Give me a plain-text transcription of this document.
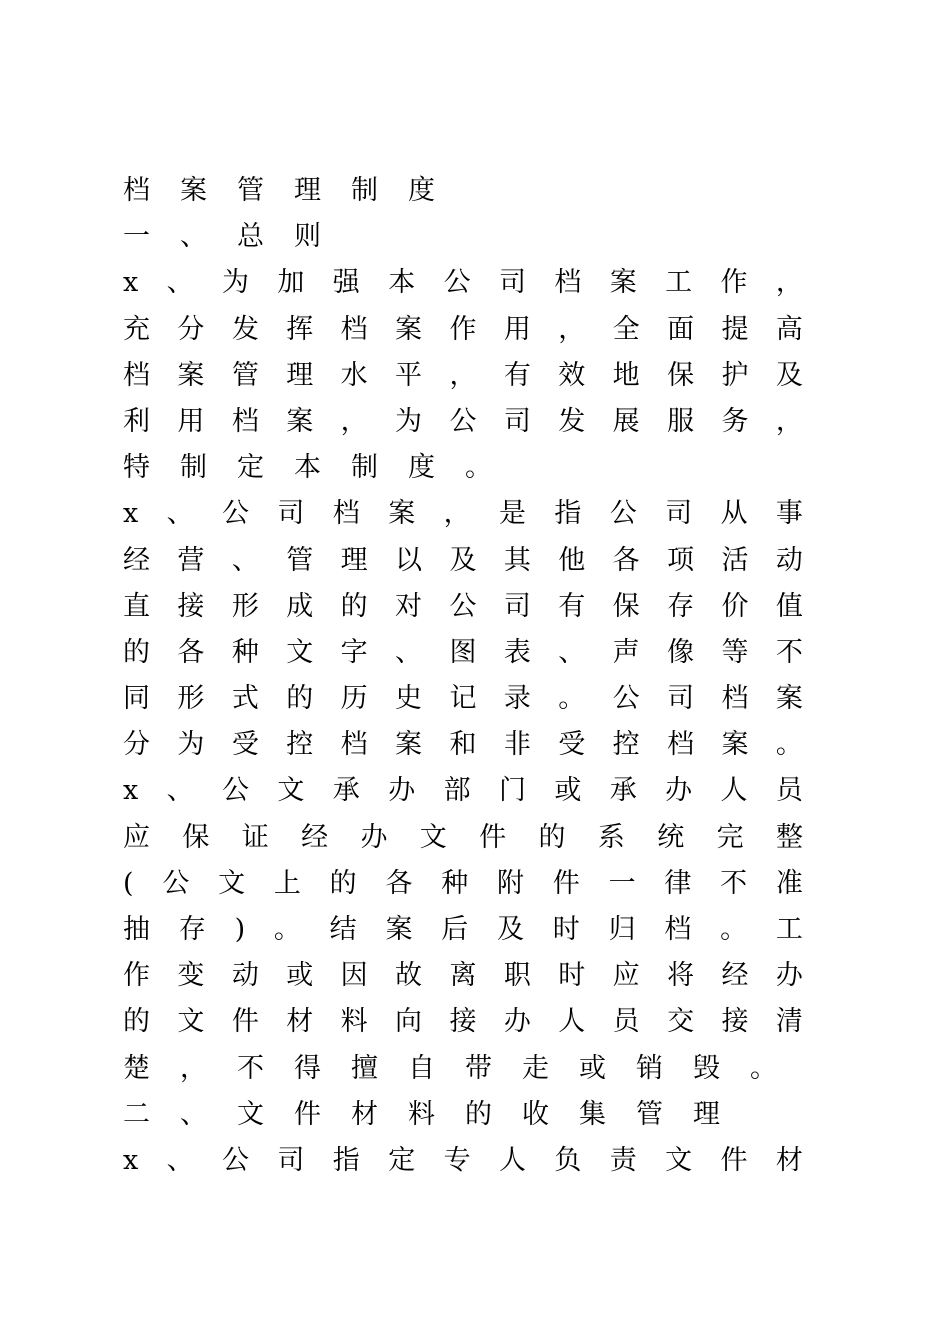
档案管理制度
一、总则
x 、 为 加 强 本 公 司 档 案 工 作 ，
充 分 发 挥 档 案 作 用 ， 全 面 提 高
档 案 管 理 水 平 ， 有 效 地 保 护 及
利 用 档 案 ， 为 公 司 发 展 服 务 ，
特制定本制度。
x 、 公 司 档 案 ， 是 指 公 司 从 事
经 营 、 管 理 以 及 其 他 各 项 活 动
直 接 形 成 的 对 公 司 有 保 存 价 值
的 各 种 文 字 、 图 表 、 声 像 等 不
同 形 式 的 历 史 记 录 。 公 司 档 案
分 为 受 控 档 案 和 非 受 控 档 案 。
x 、 公 文 承 办 部 门 或 承 办 人 员
应 保 证 经 办 文 件 的 系 统 完 整
( 公 文 上 的 各 种 附 件 一 律 不 准
抽 存 ) 。 结 案 后 及 时 归 档 。 工
作 变 动 或 因 故 离 职 时 应 将 经 办
的 文 件 材 料 向 接 办 人 员 交 接 清
楚，不得擅自带走或销毁。
二、文件材料的收集管理
x 、 公 司 指 定 专 人 负 责 文 件 材
